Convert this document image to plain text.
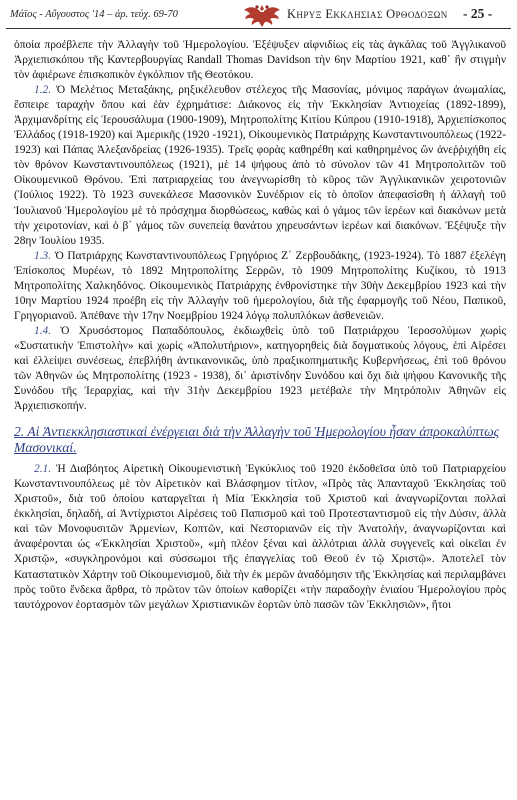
Μάϊος - Αὔγουστος '14 – ἀρ. τεύχ. 69-70	Κηρυξ Εκκλησιας Ορθοδοξων - 25 -

ὁποία προέβλεπε τὴν Ἀλλαγὴν τοῦ Ἡμερολογίου. Ἐξέψυξεν αἰφνιδίως εἰς τὰς ἀγκάλας τοῦ Ἀγγλικανοῦ Ἀρχιεπισκόπου τῆς Καντερβουργίας Randall Thomas Davidson τὴν 6ην Μαρτίου 1921, καθ᾽ ἣν στιγμὴν τὸν ἀφιέρωνε ἐπισκοπικὸν ἐγκόλπιον τῆς Θεοτόκου.

1.2. Ὁ Μελέτιος Μεταξάκης, ρηξικέλευθον στέλεχος τῆς Μασονίας, μόνιμος παράγων ἀνωμαλίας, ἔσπειρε ταραχὴν ὅπου καὶ ἐὰν ἐχρημάτισε: Διάκονος εἰς τὴν Ἐκκλησίαν Ἀντιοχείας (1892-1899), Ἀρχιμανδρίτης εἰς Ἱερουσάλυμα (1900-1909), Μητροπολίτης Κιτίου Κύπρου (1910-1918), Ἀρχιεπίσκοπος Ἑλλάδος (1918-1920) καὶ Ἀμερικῆς (1920 -1921), Οἰκουμενικὸς Πατριάρχης Κωνσταντινουπόλεως (1922-1923) καὶ Πάπας Ἀλεξανδρείας (1926-1935). Τρεῖς φορὰς καθηρέθη καὶ καθηρημένος ὢν ἀνεῤῥιχήθη εἰς τὸν θρόνον Κωνσταντινουπόλεως (1921), μὲ 14 ψήφους ἀπὸ τὸ σύνολον τῶν 41 Μητροπολιτῶν τοῦ Οἰκουμενικοῦ Θρόνου. Ἐπὶ πατριαρχείας του ἀνεγνωρίσθη τὸ κῦρος τῶν Ἀγγλικανικῶν χειροτονιῶν (Ἰούλιος 1922). Τὸ 1923 συνεκάλεσε Μασονικὸν Συνέδριον εἰς τὸ ὁποῖον ἀπεφασίσθη ἡ ἀλλαγὴ τοῦ Ἰουλιανοῦ Ἡμερολογίου μὲ τὸ πρόσχημα διορθώσεως, καθὼς καὶ ὁ γάμος τῶν ἱερέων καὶ διακόνων μετὰ τὴν χειροτονίαν, καὶ ὁ β΄ γάμος τῶν συνεπείᾳ θανάτου χηρευσάντων ἱερέων καὶ διακόνων. Ἐξέψυξε τὴν 28ην Ἰουλίου 1935.

1.3. Ὁ Πατριάρχης Κωνσταντινουπόλεως Γρηγόριος Ζ΄ Ζερβουδάκης, (1923-1924). Τὸ 1887 ἐξελέγη Ἐπίσκοπος Μυρέων, τὸ 1892 Μητροπολίτης Σερρῶν, τὸ 1909 Μητροπολίτης Κυζίκου, τὸ 1913 Μητροπολίτης Χαλκηδόνος. Οἰκουμενικὸς Πατριάρχης ἐνθρονίστηκε τὴν 30ὴν Δεκεμβρίου 1923 καὶ τὴν 10ην Μαρτίου 1924 προέβη εἰς τὴν Ἀλλαγὴν τοῦ ἡμερολογίου, διὰ τῆς ἐφαρμογῆς τοῦ Νέου, Παπικοῦ, Γρηγοριανοῦ. Ἀπέθανε τὴν 17ην Νοεμβρίου 1924 λόγῳ πολυπλόκων ἀσθενειῶν.

1.4. Ὁ Χρυσόστομος Παπαδόπουλος, ἐκδιωχθεὶς ὑπὸ τοῦ Πατριάρχου Ἱεροσολύμων χωρὶς «Συστατικὴν Ἐπιστολὴν» καὶ χωρὶς «Ἀπολυτήριον», κατηγορηθεὶς διὰ δογματικοὺς λόγους, ἐπὶ Αἱρέσει καὶ ἐλλείψει συνέσεως, ἐπεβλήθη ἀντικανονικῶς, ὑπὸ πραξικοπηματικῆς Κυβερνήσεως, ἐπὶ τοῦ θρόνου τῶν Ἀθηνῶν ὡς Μητροπολίτης (1923 - 1938), δι᾽ ἀριστίνδην Συνόδου καὶ ὄχι διὰ ψήφου Κανονικῆς τῆς Συνόδου τῆς Ἱεραρχίας, καὶ τὴν 31ὴν Δεκεμβρίου 1923 μετέβαλε τὴν Μητρόπολιν Ἀθηνῶν εἰς Ἀρχιεπισκοπήν.

2. Αἱ Ἀντιεκκλησιαστικαὶ ἐνέργειαι διὰ τὴν Ἀλλαγὴν τοῦ Ἡμερολογίου ἦσαν ἀπροκαλύπτως Μασονικαί.

2.1. Ἡ Διαβόητος Αἱρετικὴ Οἰκουμενιστικὴ Ἐγκύκλιος τοῦ 1920 ἐκδοθεῖσα ὑπὸ τοῦ Πατριαρχείου Κωνσταντινουπόλεως μὲ τὸν Αἱρετικὸν καὶ Βλάσφημον τίτλον, «Πρὸς τὰς Ἁπανταχοῦ Ἐκκλησίας τοῦ Χριστοῦ», διὰ τοῦ ὁποίου καταργεῖται ἡ Μία Ἐκκλησία τοῦ Χριστοῦ καὶ ἀναγνωρίζονται πολλαὶ ἐκκλησίαι, δηλαδή, αἱ Ἀντίχριστοι Αἱρέσεις τοῦ Παπισμοῦ καὶ τοῦ Προτεσταντισμοῦ εἰς τὴν Δύσιν, ἀλλὰ καὶ τῶν Μονοφυσιτῶν Ἀρμενίων, Κοπτῶν, καὶ Νεστοριανῶν εἰς τὴν Ἀνατολήν, ἀναγνωρίζονται καὶ ἀναφέρονται ὡς «Ἐκκλησίαι Χριστοῦ», «μὴ πλέον ξέναι καὶ ἀλλότριαι ἀλλὰ συγγενεῖς καὶ οἰκεῖαι ἐν Χριστῷ», «συγκληρονόμοι καὶ σύσσωμοι τῆς ἐπαγγελίας τοῦ Θεοῦ ἐν τῷ Χριστῷ». Ἀποτελεῖ τὸν Καταστατικὸν Χάρτην τοῦ Οἰκουμενισμοῦ, διὰ τὴν ἐκ μερῶν ἀναδόμησιν τῆς Ἐκκλησίας καὶ περιλαμβάνει πρὸς τοῦτο ἕνδεκα ἄρθρα, τὸ πρῶτον τῶν ὁποίων καθορίζει «τὴν παραδοχὴν ἑνιαίου Ἡμερολογίου πρὸς ταυτόχρονον ἑορτασμὸν τῶν μεγάλων Χριστιανικῶν ἑορτῶν ὑπὸ πασῶν τῶν Ἐκκλησιῶν», ἤτοι
